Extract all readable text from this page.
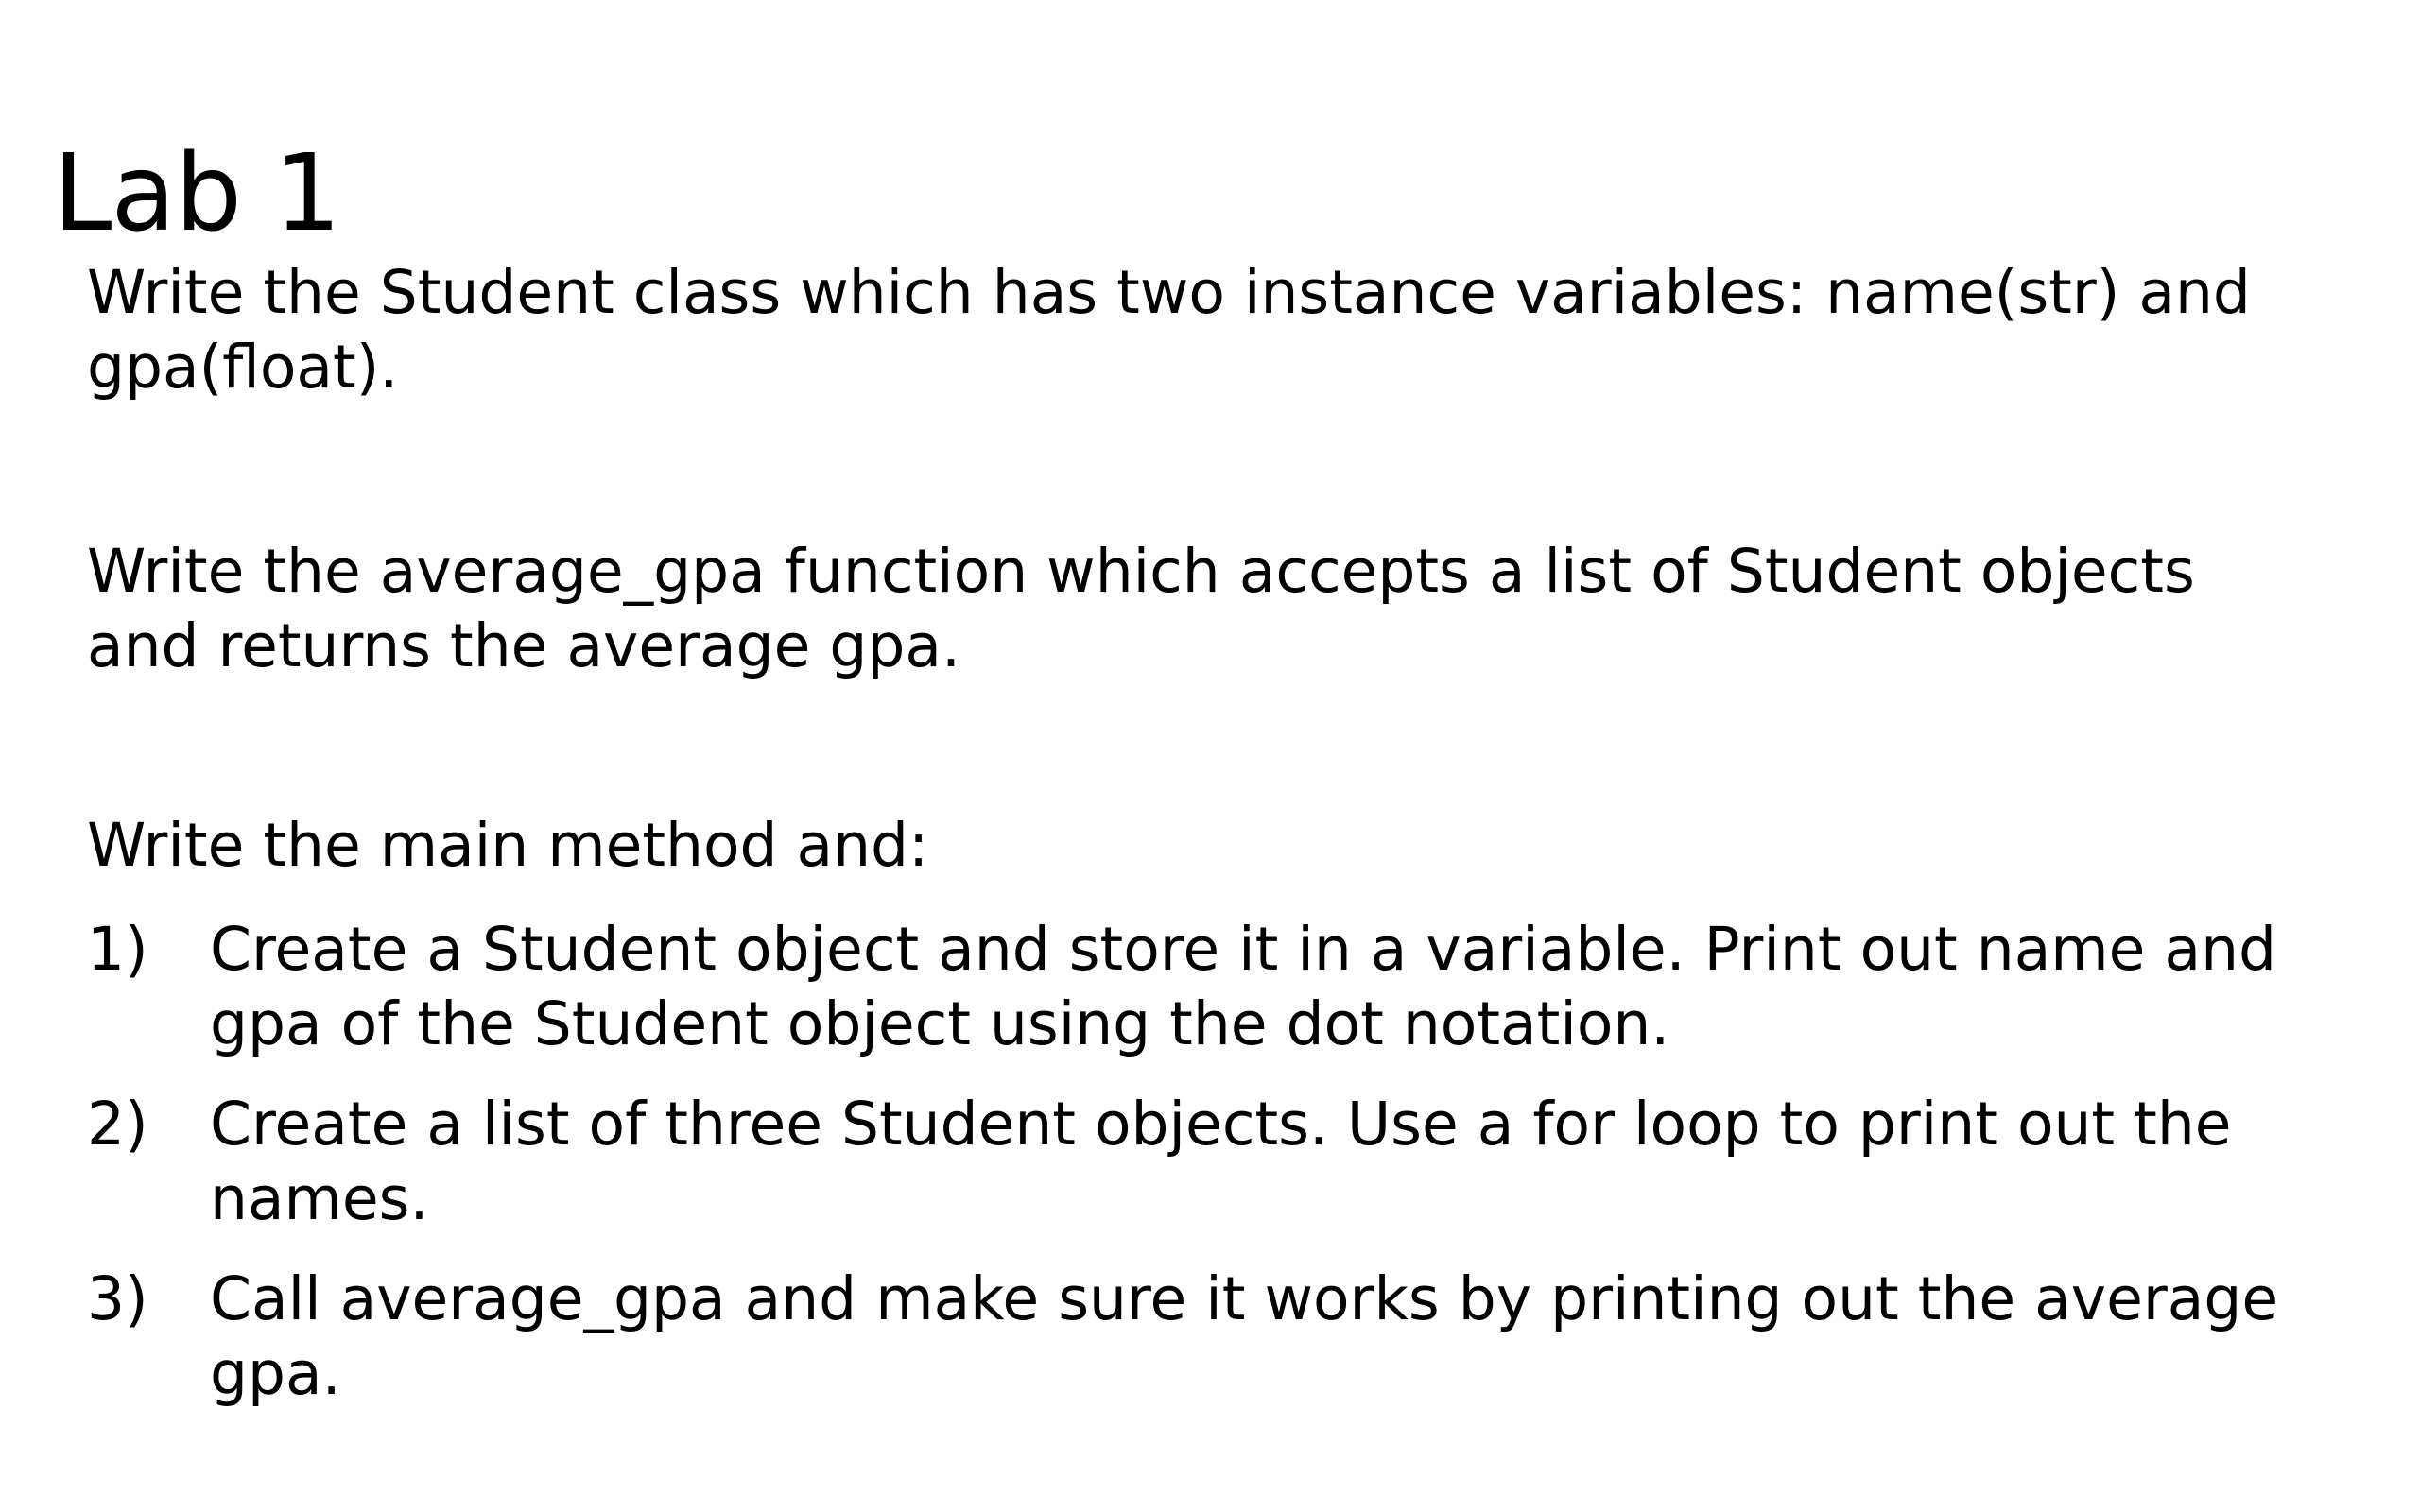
Lab 1

Write the Student class which has two instance variables: name(str) and gpa(float).

Write the average_gpa function which accepts a list of Student objects and returns the average gpa.

Write the main method and:

1)	Create a Student object and store it in a variable. Print out name and gpa of the Student object using the dot notation.
2)	Create a list of three Student objects. Use a for loop to print out the names.
3)	Call average_gpa and make sure it works by printing out the average gpa.
